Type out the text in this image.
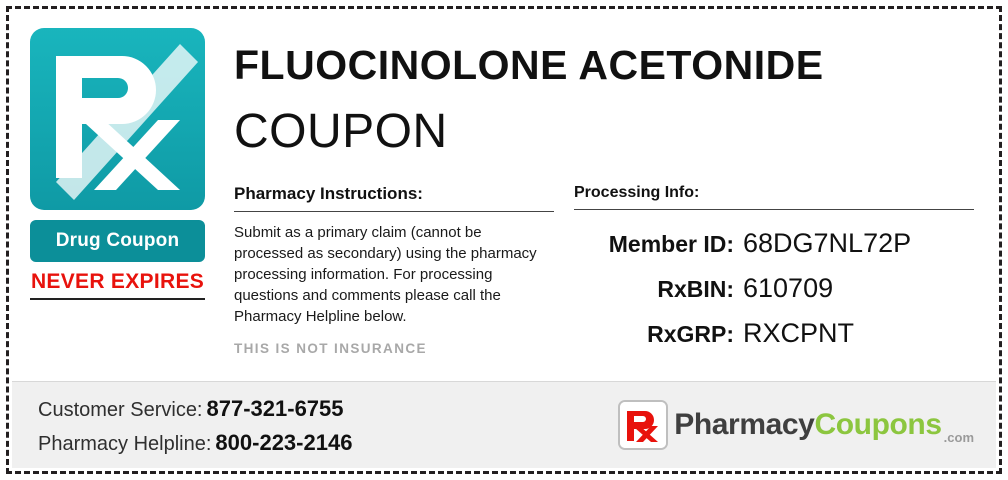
Drug Coupon
NEVER EXPIRES
FLUOCINOLONE ACETONIDE
COUPON
Pharmacy Instructions:
Submit as a primary claim (cannot be processed as secondary) using the pharmacy processing information. For processing questions and comments please call the Pharmacy Helpline below.
THIS IS NOT INSURANCE
Processing Info:
Member ID: 68DG7NL72P
RxBIN: 610709
RxGRP: RXCPNT
Customer Service: 877-321-6755
Pharmacy Helpline: 800-223-2146
PharmacyCoupons .com
